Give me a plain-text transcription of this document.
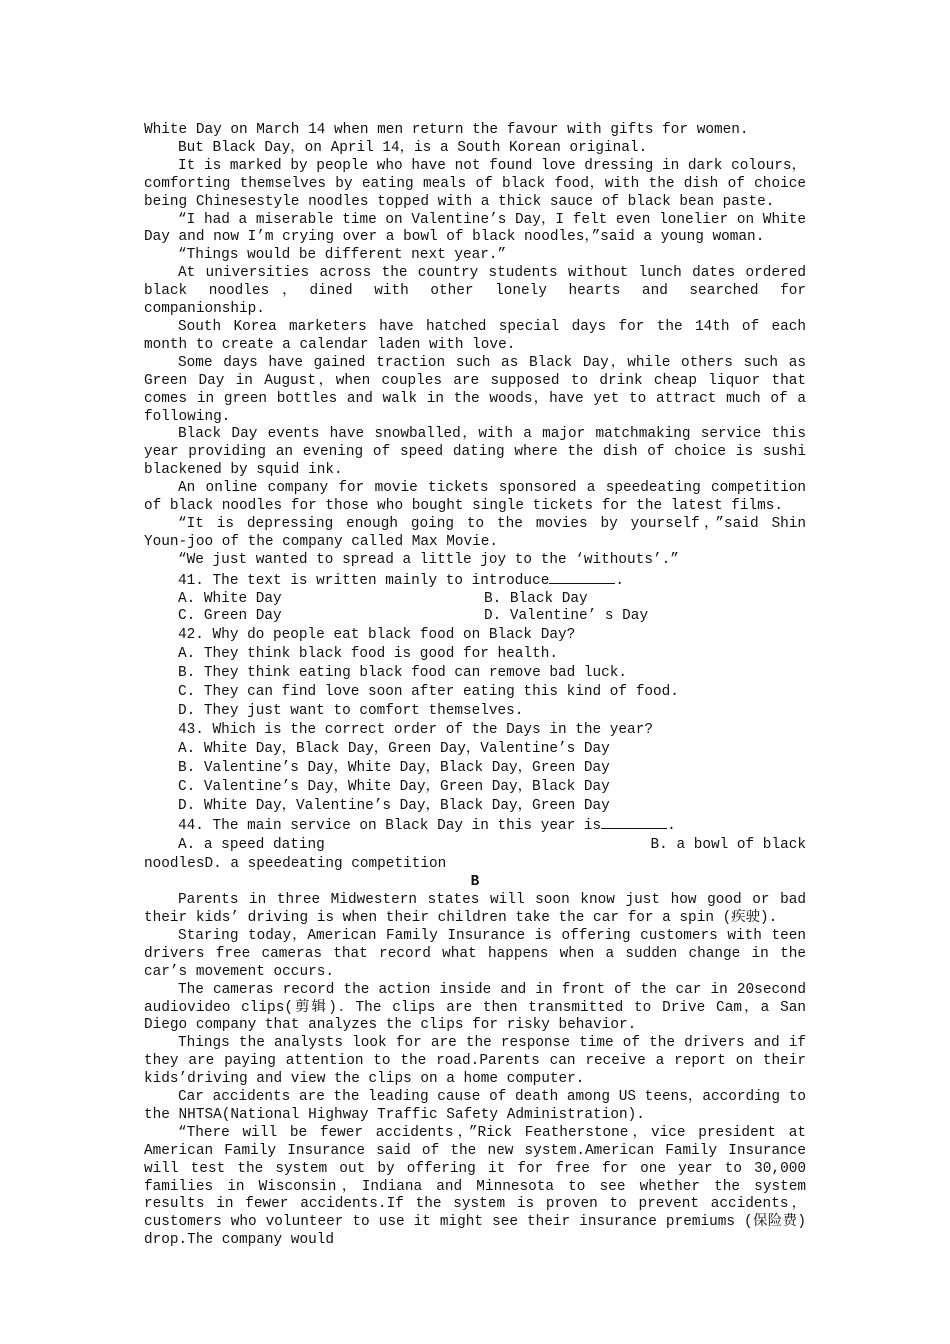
White Day on March 14 when men return the favour with gifts for women.

But Black Day，on April 14，is a South Korean original.

It is marked by people who have not found love dressing in dark colours，comforting themselves by eating meals of black food，with the dish of choice being Chinesestyle noodles topped with a thick sauce of black bean paste.

“I had a miserable time on Valentine’s Day，I felt even lonelier on White Day and now I’m crying over a bowl of black noodles，”said a young woman.

“Things would be different next year.”

At universities across the country students without lunch dates ordered black noodles，dined with other lonely hearts and searched for companionship.

South Korea marketers have hatched special days for the 14th of each month to create a calendar laden with love.

Some days have gained traction such as Black Day，while others such as Green Day in August，when couples are supposed to drink cheap liquor that comes in green bottles and walk in the woods，have yet to attract much of a following.

Black Day events have snowballed，with a major matchmaking service this year providing an evening of speed dating where the dish of choice is sushi blackened by squid ink.

An online company for movie tickets sponsored a speedeating competition of black noodles for those who bought single tickets for the latest films.

“It is depressing enough going to the movies by yourself，”said Shin Youn-joo of the company called Max Movie.

“We just wanted to spread a little joy to the ‘withouts’.”

41. The text is written mainly to introduce	.
A. White Day	B. Black Day
C. Green Day	D. Valentine’ s Day
42. Why do people eat black food on Black Day?
A. They think black food is good for health.
B. They think eating black food can remove bad luck.
C. They can find love soon after eating this kind of food.
D. They just want to comfort themselves.
43. Which is the correct order of the Days in the year?
A. White Day，Black Day，Green Day，Valentine’s Day
B. Valentine’s Day，White Day，Black Day，Green Day
C. Valentine’s Day，White Day，Green Day，Black Day
D. White Day，Valentine’s Day，Black Day，Green Day
44. The main service on Black Day in this year is	.
A. a speed dating	B. a bowl of black

noodlesD. a speedeating competition

B

Parents in three Midwestern states will soon know just how good or bad their kids’ driving is when their children take the car for a spin (疾驶).

Staring today，American Family Insurance is offering customers with teen drivers free cameras that record what happens when a sudden change in the car’s movement occurs.

The cameras record the action inside and in front of the car in 20second audiovideo clips(剪辑)．The clips are then transmitted to Drive Cam，a San Diego company that analyzes the clips for risky behavior.

Things the analysts look for are the response time of the drivers and if they are paying attention to the road.Parents can receive a report on their kids’driving and view the clips on a home computer.

Car accidents are the leading cause of death among US teens，according to the NHTSA(National Highway Traffic Safety Administration).

“There will be fewer accidents，”Rick Featherstone，vice president at American Family Insurance said of the new system.American Family Insurance will test the system out by offering it for free for one year to 30,000 families in Wisconsin，Indiana and Minnesota to see whether the system results in fewer accidents.If the system is proven to prevent accidents，customers who volunteer to use it might see their insurance premiums (保险费) drop.The company would
